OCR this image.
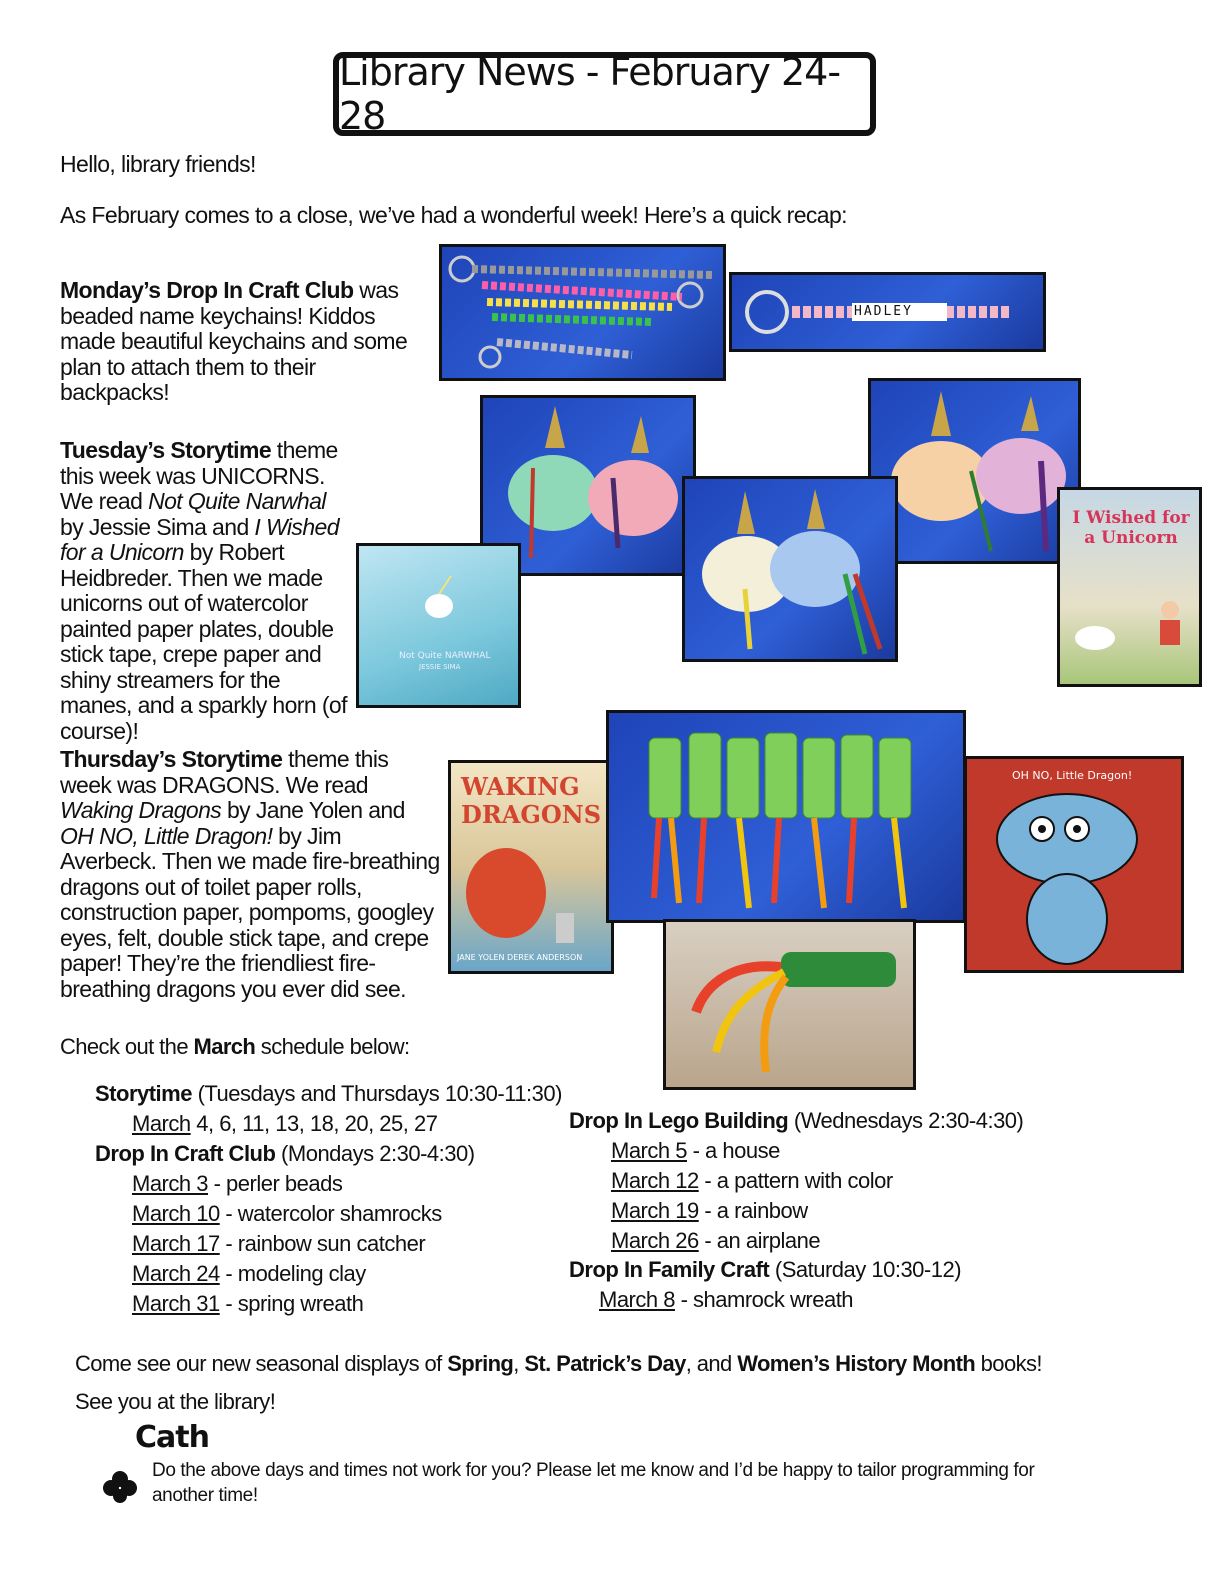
Library News - February 24-28
Hello, library friends!
As February comes to a close, we’ve had a wonderful week! Here’s a quick recap:
Monday’s Drop In Craft Club was beaded name keychains! Kiddos made beautiful keychains and some plan to attach them to their backpacks!
HADLEY
Tuesday’s Storytime theme this week was UNICORNS. We read Not Quite Narwhal by Jessie Sima and I Wished for a Unicorn by Robert Heidbreder. Then we made unicorns out of watercolor painted paper plates, double stick tape, crepe paper and shiny streamers for the manes, and a sparkly horn (of course)!
Not Quite NARWHAL
JESSIE SIMA
I Wished for a Unicorn
Thursday’s Storytime theme this week was DRAGONS. We read Waking Dragons by Jane Yolen and OH NO, Little Dragon! by Jim Averbeck. Then we made fire-breathing dragons out of toilet paper rolls, construction paper, pompoms, googley eyes, felt, double stick tape, and crepe paper! They’re the friendliest fire-breathing dragons you ever did see.
WAKING DRAGONS
JANE YOLEN DEREK ANDERSON
OH NO, Little Dragon!
Check out the March schedule below:
Storytime (Tuesdays and Thursdays 10:30-11:30)
March 4, 6, 11, 13, 18, 20, 25, 27
Drop In Craft Club (Mondays 2:30-4:30)
March 3 - perler beads
March 10 - watercolor shamrocks
March 17 - rainbow sun catcher
March 24 - modeling clay
March 31 - spring wreath
Drop In Lego Building (Wednesdays 2:30-4:30)
March 5 - a house
March 12 - a pattern with color
March 19 - a rainbow
March 26 - an airplane
Drop In Family Craft (Saturday 10:30-12)
March 8 - shamrock wreath
Come see our new seasonal displays of Spring, St. Patrick’s Day, and Women’s History Month books!
See you at the library!
Cath
Do the above days and times not work for you? Please let me know and I’d be happy to tailor programming for another time!
